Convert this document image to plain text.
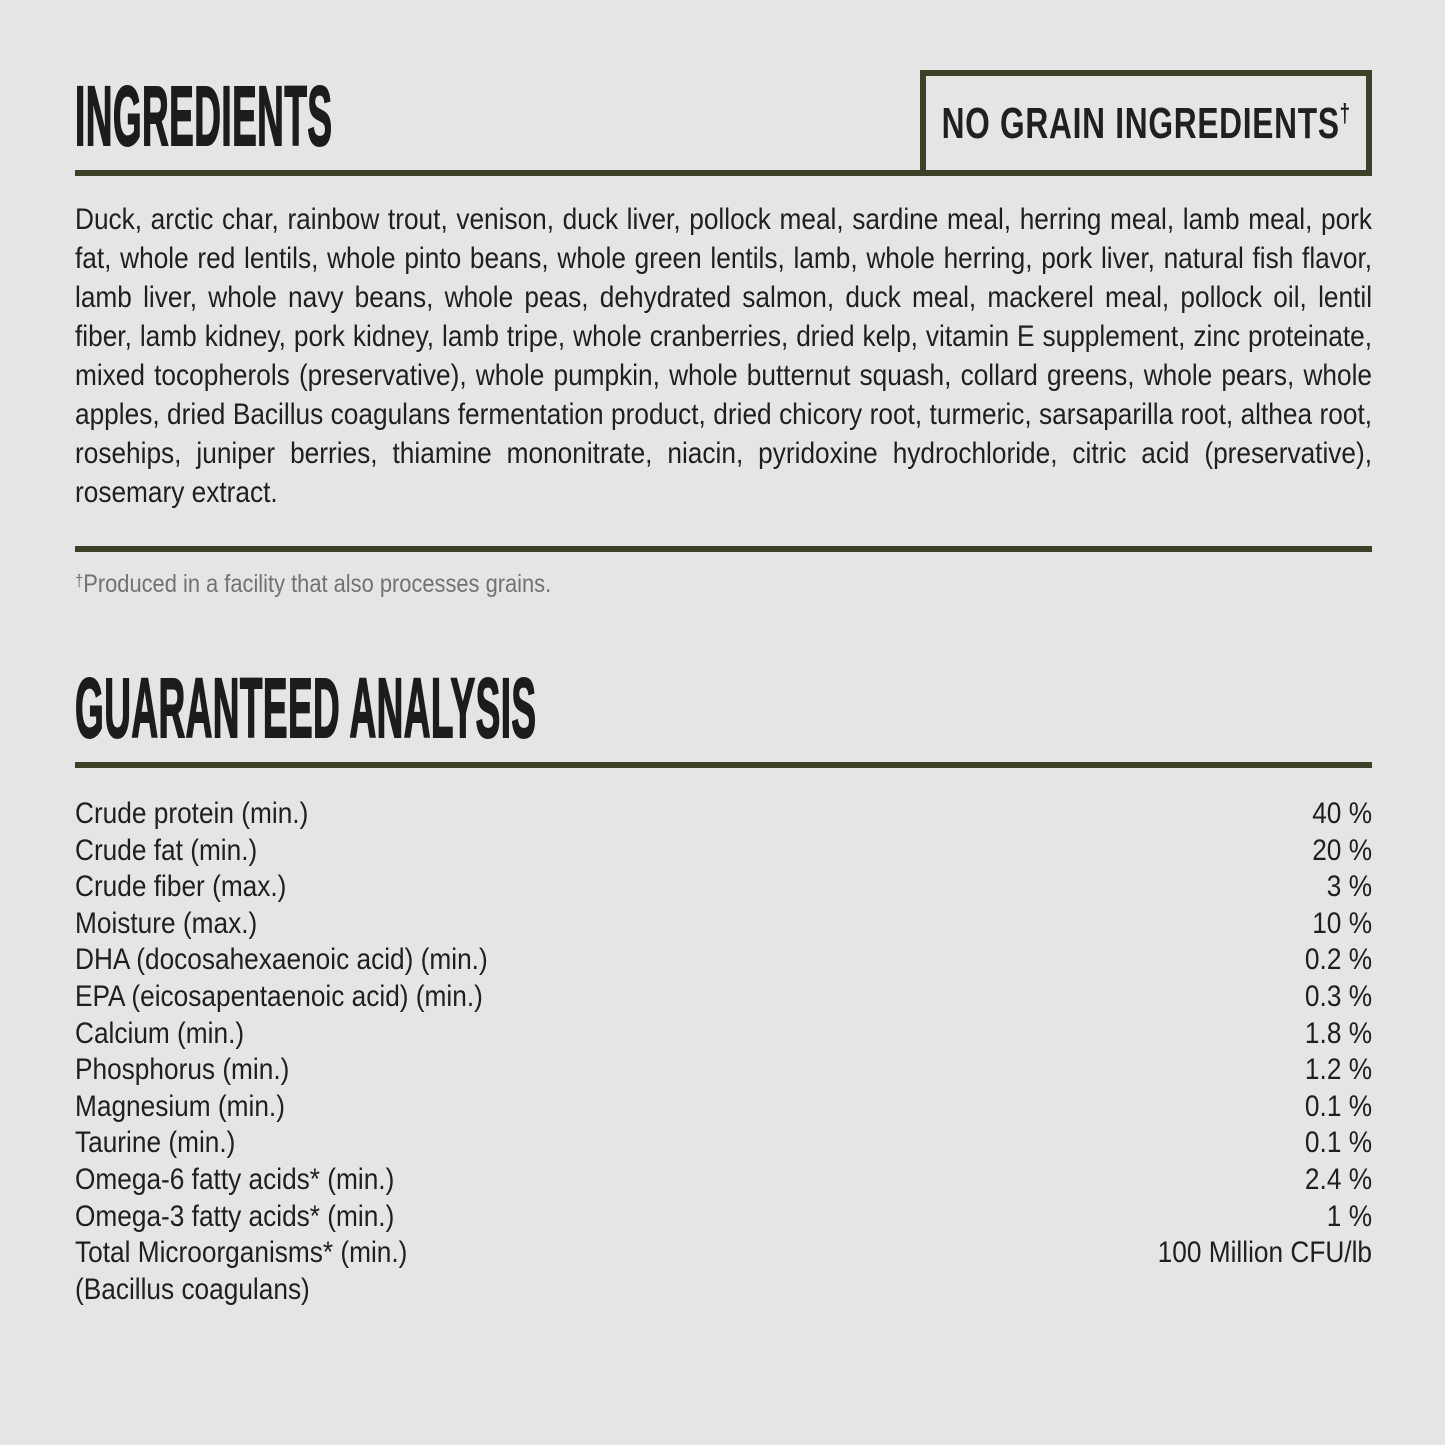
INGREDIENTS	NO GRAIN INGREDIENTS†

Duck, arctic char, rainbow trout, venison, duck liver, pollock meal, sardine meal, herring meal, lamb meal, pork fat, whole red lentils, whole pinto beans, whole green lentils, lamb, whole herring, pork liver, natural fish flavor, lamb liver, whole navy beans, whole peas, dehydrated salmon, duck meal, mackerel meal, pollock oil, lentil fiber, lamb kidney, pork kidney, lamb tripe, whole cranberries, dried kelp, vitamin E supplement, zinc proteinate, mixed tocopherols (preservative), whole pumpkin, whole butternut squash, collard greens, whole pears, whole apples, dried Bacillus coagulans fermentation product, dried chicory root, turmeric, sarsaparilla root, althea root, rosehips, juniper berries, thiamine mononitrate, niacin, pyridoxine hydrochloride, citric acid (preservative), rosemary extract.

†Produced in a facility that also processes grains.

GUARANTEED ANALYSIS
Crude protein (min.)	40 %
Crude fat (min.)	20 %
Crude fiber (max.)	3 %
Moisture (max.)	10 %
DHA (docosahexaenoic acid) (min.)	0.2 %
EPA (eicosapentaenoic acid) (min.)	0.3 %
Calcium (min.)	1.8 %
Phosphorus (min.)	1.2 %
Magnesium (min.)	0.1 %
Taurine (min.)	0.1 %
Omega-6 fatty acids* (min.)	2.4 %
Omega-3 fatty acids* (min.)	1 %
Total Microorganisms* (min.)	100 Million CFU/lb
(Bacillus coagulans)
